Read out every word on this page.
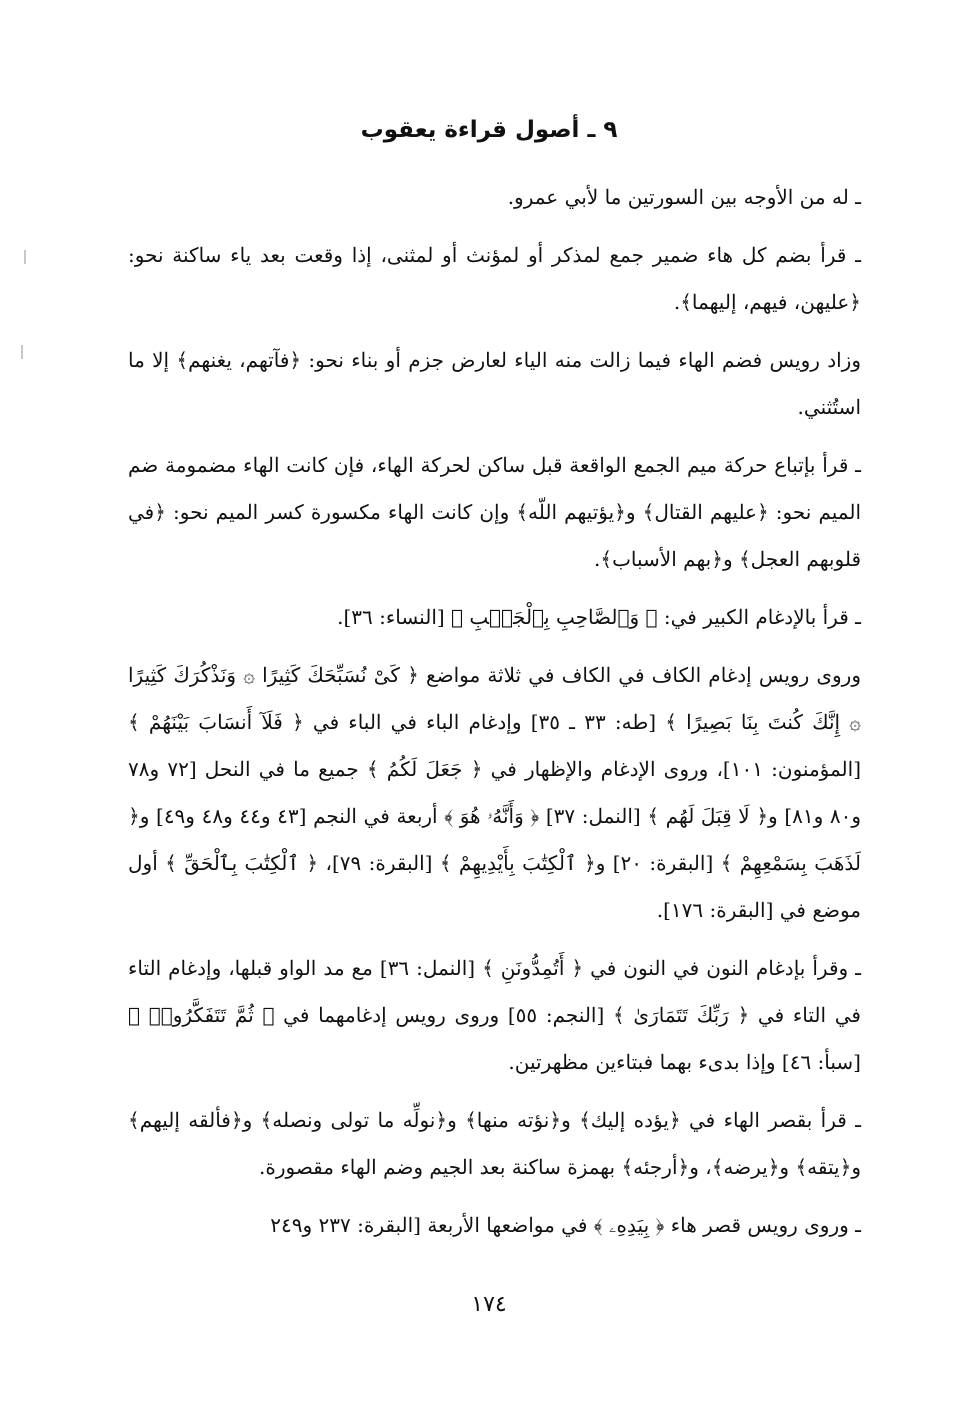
٩ ـ أصول قراءة يعقوب

ـ له من الأوجه بين السورتين ما لأبي عمرو.

ـ قرأ بضم كل هاء ضمير جمع لمذكر أو لمؤنث أو لمثنى، إذا وقعت بعد ياء ساكنة نحو: ﴿عليهن، فيهم، إليهما﴾.

وزاد رويس فضم الهاء فيما زالت منه الياء لعارض جزم أو بناء نحو: ﴿فآتهم، يغنهم﴾ إلا ما استُثني.

ـ قرأ بإتباع حركة ميم الجمع الواقعة قبل ساكن لحركة الهاء، فإن كانت الهاء مضمومة ضم الميم نحو: ﴿عليهم القتال﴾ و﴿يؤتيهم اللّه﴾ وإن كانت الهاء مكسورة كسر الميم نحو: ﴿في قلوبهم العجل﴾ و﴿بهم الأسباب﴾.

ـ قرأ بالإدغام الكبير في: ﴿ وَٱلصَّاحِبِ بِٱلْجَنۢبِ ﴾ [النساء: ٣٦].

وروى رويس إدغام الكاف في الكاف في ثلاثة مواضع ﴿ كَىْ نُسَبِّحَكَ كَثِيرًا ۞ وَنَذْكُرَكَ كَثِيرًا ۞ إِنَّكَ كُنتَ بِنَا بَصِيرًا ﴾ [طه: ٣٣ ـ ٣٥] وإدغام الباء في الباء في ﴿ فَلَآ أَنسَابَ بَيْنَهُمْ ﴾ [المؤمنون: ١٠١]، وروى الإدغام والإظهار في ﴿ جَعَلَ لَكُمُ ﴾ جميع ما في النحل [٧٢ و٧٨ و٨٠ و٨١] و﴿ لَا قِبَلَ لَهُم ﴾ [النمل: ٣٧] ﴿ وَأَنَّهُۥ هُوَ ﴾ أربعة في النجم [٤٣ و٤٤ و٤٨ و٤٩] و﴿ لَذَهَبَ بِسَمْعِهِمْ ﴾ [البقرة: ٢٠] و﴿ ٱلْكِتَٰبَ بِأَيْدِيهِمْ ﴾ [البقرة: ٧٩]، ﴿ ٱلْكِتَٰبَ بِٱلْحَقِّ ﴾ أول موضع في [البقرة: ١٧٦].

ـ وقرأ بإدغام النون في النون في ﴿ أَتُمِدُّونَنِ ﴾ [النمل: ٣٦] مع مد الواو قبلها، وإدغام التاء في التاء في ﴿ رَبِّكَ تَتَمَارَىٰ ﴾ [النجم: ٥٥] وروى رويس إدغامهما في ﴿ ثُمَّ تَتَفَكَّرُوا۟ ﴾ [سبأ: ٤٦] وإذا بدىء بهما فبتاءين مظهرتين.

ـ قرأ بقصر الهاء في ﴿يؤده إليك﴾ و﴿نؤته منها﴾ و﴿نولِّه ما تولى ونصله﴾ و﴿فألقه إليهم﴾ و﴿يتقه﴾ و﴿يرضه﴾، و﴿أرجئه﴾ بهمزة ساكنة بعد الجيم وضم الهاء مقصورة.

ـ وروى رويس قصر هاء ﴿ بِيَدِهِۦ ﴾ في مواضعها الأربعة [البقرة: ٢٣٧ و٢٤٩

١٧٤
